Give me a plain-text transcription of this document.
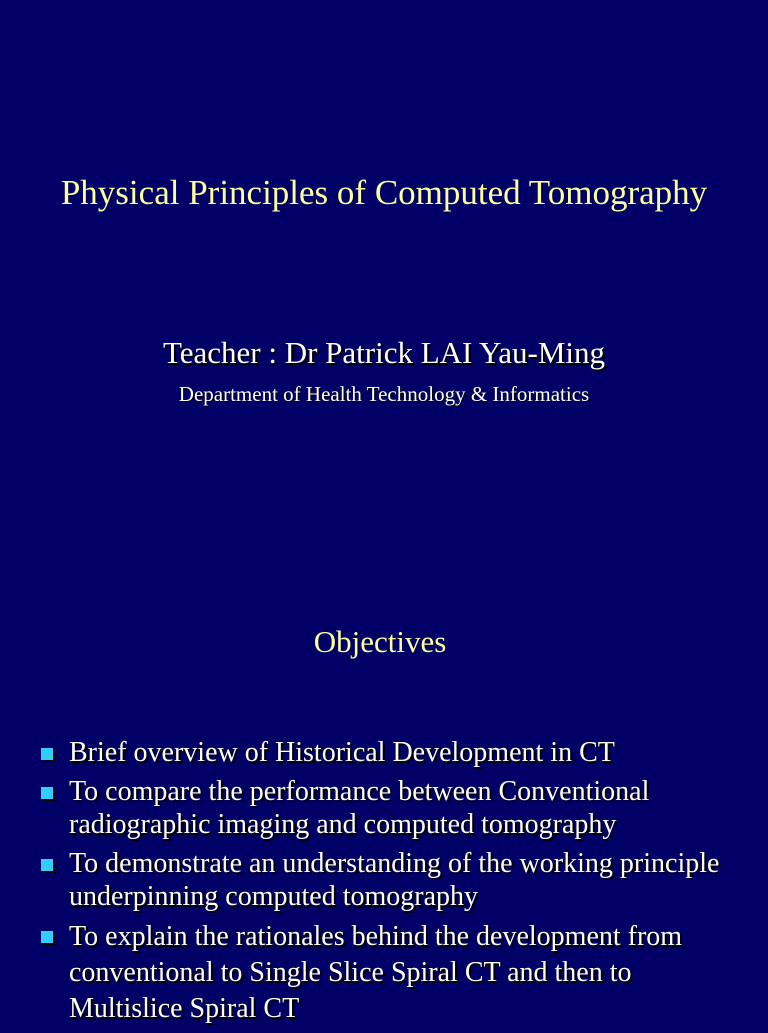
Physical Principles of Computed Tomography

Teacher : Dr Patrick LAI Yau-Ming

Department of Health Technology & Informatics

Objectives
Brief overview of Historical Development in CT
To compare the performance between Conventional radiographic imaging and computed tomography
To demonstrate an understanding of the working principle underpinning computed tomography
To explain the rationales behind the development from conventional to Single Slice Spiral CT and then to Multislice Spiral CT
